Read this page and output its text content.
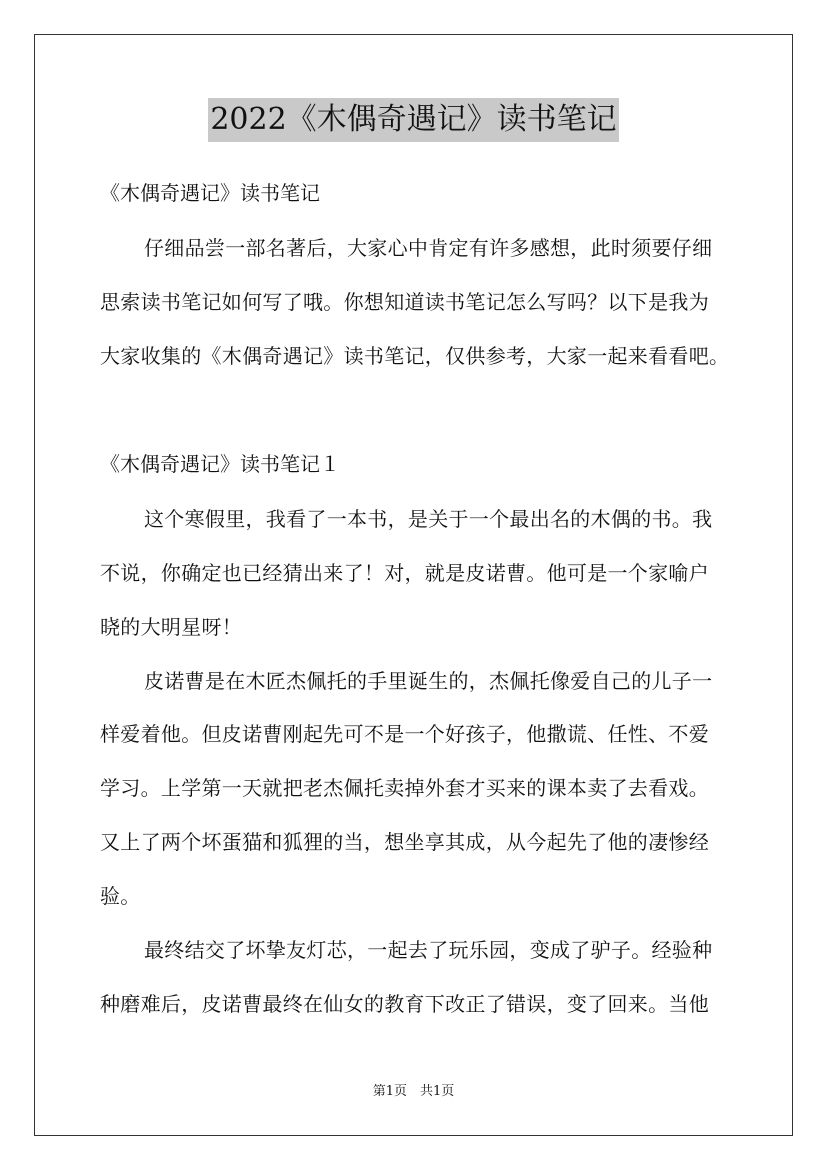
2022《木偶奇遇记》读书笔记
《木偶奇遇记》读书笔记
仔细品尝一部名著后，大家心中肯定有许多感想，此时须要仔细
思索读书笔记如何写了哦。你想知道读书笔记怎么写吗？以下是我为
大家收集的《木偶奇遇记》读书笔记，仅供参考，大家一起来看看吧。
《木偶奇遇记》读书笔记１
这个寒假里，我看了一本书，是关于一个最出名的木偶的书。我
不说，你确定也已经猜出来了！对，就是皮诺曹。他可是一个家喻户
晓的大明星呀！
皮诺曹是在木匠杰佩托的手里诞生的，杰佩托像爱自己的儿子一
样爱着他。但皮诺曹刚起先可不是一个好孩子，他撒谎、任性、不爱
学习。上学第一天就把老杰佩托卖掉外套才买来的课本卖了去看戏。
又上了两个坏蛋猫和狐狸的当，想坐享其成，从今起先了他的凄惨经
验。
最终结交了坏挚友灯芯，一起去了玩乐园，变成了驴子。经验种
种磨难后，皮诺曹最终在仙女的教育下改正了错误，变了回来。当他
第1页　共1页
